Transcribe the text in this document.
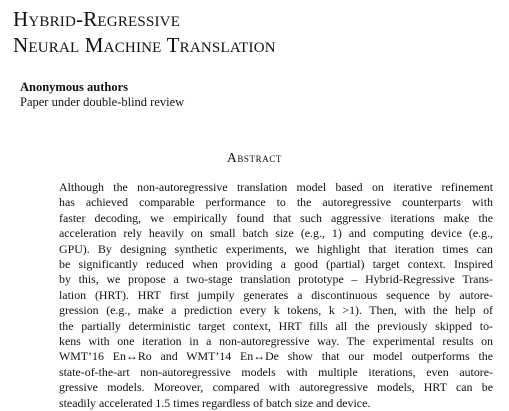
Hybrid-Regressive
Neural Machine Translation
Anonymous authors
Paper under double-blind review
Abstract
Although the non-autoregressive translation model based on iterative refinement
has achieved comparable performance to the autoregressive counterparts with
faster decoding, we empirically found that such aggressive iterations make the
acceleration rely heavily on small batch size (e.g., 1) and computing device (e.g.,
GPU). By designing synthetic experiments, we highlight that iteration times can
be significantly reduced when providing a good (partial) target context. Inspired
by this, we propose a two-stage translation prototype – Hybrid-Regressive Trans-
lation (HRT). HRT first jumpily generates a discontinuous sequence by autore-
gression (e.g., make a prediction every k tokens, k >1). Then, with the help of
the partially deterministic target context, HRT fills all the previously skipped to-
kens with one iteration in a non-autoregressive way. The experimental results on
WMT’16 En↔Ro and WMT’14 En↔De show that our model outperforms the
state-of-the-art non-autoregressive models with multiple iterations, even autore-
gressive models. Moreover, compared with autoregressive models, HRT can be
steadily accelerated 1.5 times regardless of batch size and device.
